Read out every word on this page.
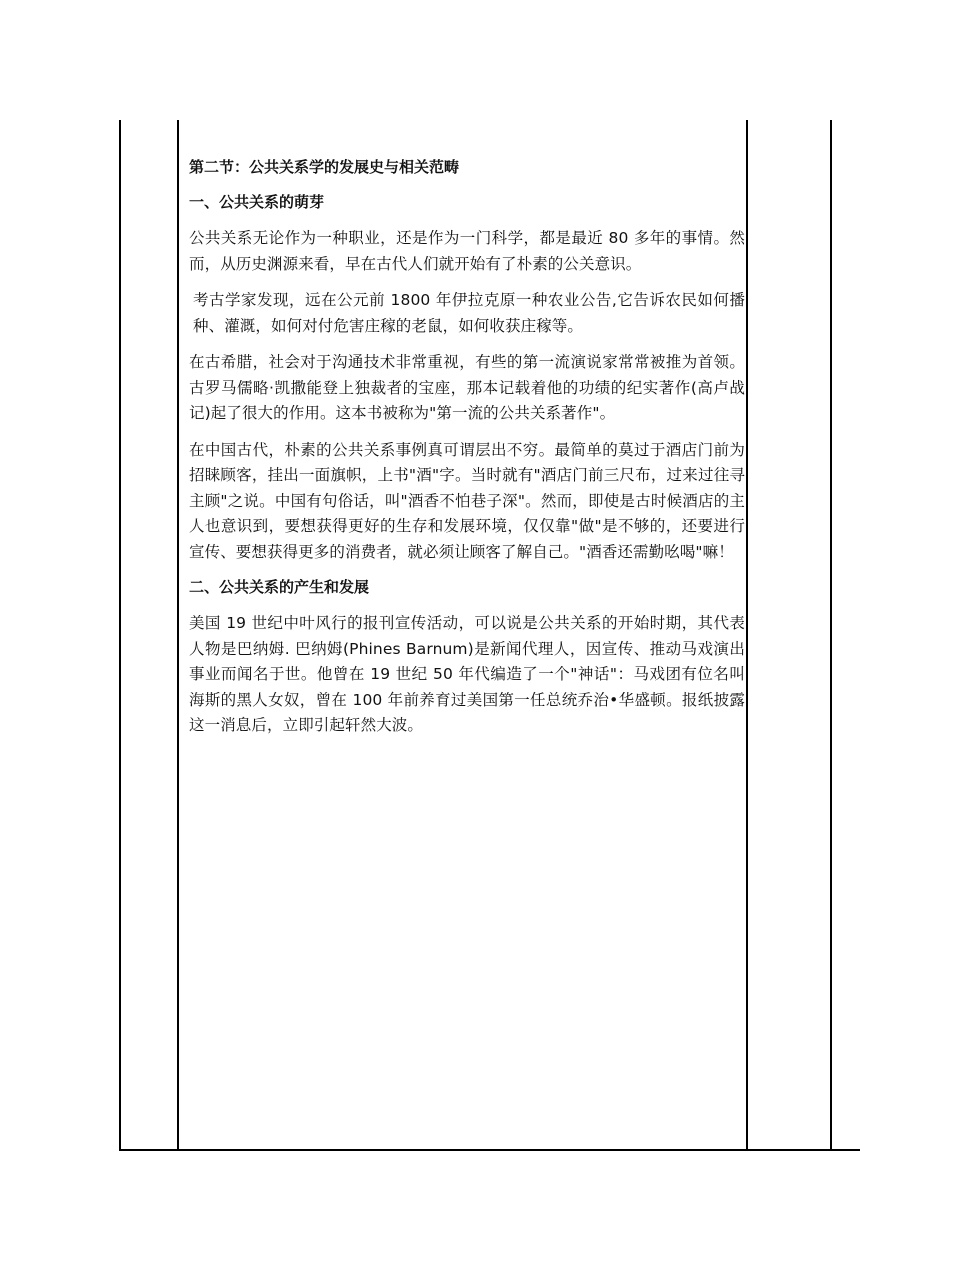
第二节：公共关系学的发展史与相关范畴
一、公共关系的萌芽

公共关系无论作为一种职业，还是作为一门科学，都是最近 80 多年的事情。然而，从历史渊源来看，早在古代人们就开始有了朴素的公关意识。

考古学家发现，远在公元前 1800 年伊拉克原一种农业公告,它告诉农民如何播种、灌溉，如何对付危害庄稼的老鼠，如何收获庄稼等。

在古希腊，社会对于沟通技术非常重视，有些的第一流演说家常常被推为首领。古罗马儒略·凯撒能登上独裁者的宝座，那本记载着他的功绩的纪实著作(高卢战记)起了很大的作用。这本书被称为"第一流的公共关系著作"。

在中国古代，朴素的公共关系事例真可谓层出不穷。最简单的莫过于酒店门前为招睐顾客，挂出一面旗帜，上书"酒"字。当时就有"酒店门前三尺布，过来过往寻主顾"之说。中国有句俗话，叫"酒香不怕巷子深"。然而，即使是古时候酒店的主人也意识到，要想获得更好的生存和发展环境，仅仅靠"做"是不够的，还要进行宣传、要想获得更多的消费者，就必须让顾客了解自己。"酒香还需勤吆喝"嘛！

二、公共关系的产生和发展

美国 19 世纪中叶风行的报刊宣传活动，可以说是公共关系的开始时期，其代表人物是巴纳姆. 巴纳姆(Phines Barnum)是新闻代理人，因宣传、推动马戏演出事业而闻名于世。他曾在 19 世纪 50 年代编造了一个"神话"：马戏团有位名叫海斯的黑人女奴，曾在 100 年前养育过美国第一任总统乔治•华盛顿。报纸披露这一消息后，立即引起轩然大波。
